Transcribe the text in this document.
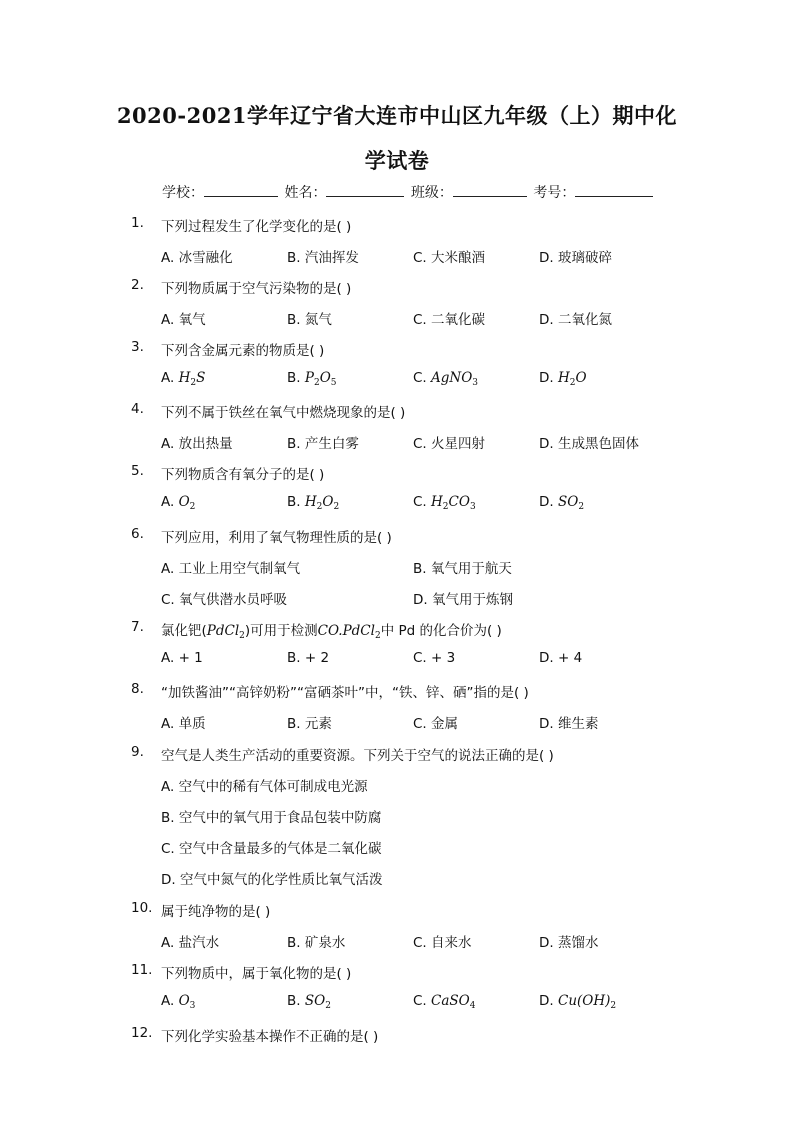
2020-2021学年辽宁省大连市中山区九年级（上）期中化
学试卷
学校：	姓名：	班级：	考号：
1.	下列过程发生了化学变化的是( )
A. 冰雪融化	B. 汽油挥发	C. 大米酿酒	D. 玻璃破碎
2.	下列物质属于空气污染物的是( )
A. 氧气	B. 氮气	C. 二氧化碳	D. 二氧化氮
3.	下列含金属元素的物质是( )
A. $H_2S$	B. $P_2O_5$	C. AgNO$_3$	D. $H_2O$
4.	下列不属于铁丝在氧气中燃烧现象的是( )
A. 放出热量	B. 产生白雾	C. 火星四射	D. 生成黑色固体
5.	下列物质含有氧分子的是( )
A. $O_2$	B. $H_2O_2$	C. $H_2CO_3$	D. $SO_2$
6.	下列应用，利用了氧气物理性质的是( )
A. 工业上用空气制氧气	B. 氧气用于航天
C. 氧气供潜水员呼吸	D. 氧气用于炼钢
7.	氯化钯(PdCl$_2$)可用于检测CO.PdCl$_2$中 Pd 的化合价为( )
A. + 1	B. + 2	C. + 3	D. + 4
8.	“加铁酱油”“高锌奶粉”“富硒茶叶”中，“铁、锌、硒”指的是( )
A. 单质	B. 元素	C. 金属	D. 维生素
9.	空气是人类生产活动的重要资源。下列关于空气的说法正确的是( )
A. 空气中的稀有气体可制成电光源
B. 空气中的氧气用于食品包装中防腐
C. 空气中含量最多的气体是二氧化碳
D. 空气中氮气的化学性质比氧气活泼
10. 属于纯净物的是( )
A. 盐汽水	B. 矿泉水	C. 自来水	D. 蒸馏水
11. 下列物质中，属于氧化物的是( )
A. $O_3$	B. $SO_2$	C. CaSO$_4$	D. $Cu(OH)_2$
12. 下列化学实验基本操作不正确的是( )
